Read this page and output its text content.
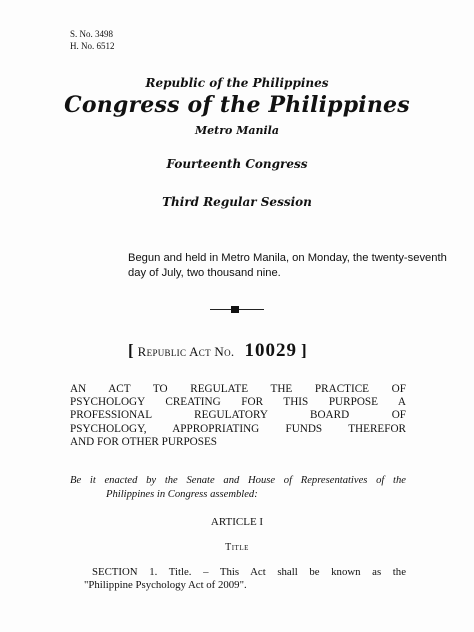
S. No. 3498
H. No. 6512
Republic of the Philippines
Congress of the Philippines
Metro Manila
Fourteenth Congress
Third Regular Session
Begun and held in Metro Manila, on Monday, the twenty-seventh
day of July, two thousand nine.
[ Republic Act No. 10029 ]
AN ACT TO REGULATE THE PRACTICE OF
PSYCHOLOGY CREATING FOR THIS PURPOSE A
PROFESSIONAL REGULATORY BOARD OF
PSYCHOLOGY, APPROPRIATING FUNDS THEREFOR
AND FOR OTHER PURPOSES
Be it enacted by the Senate and House of Representatives of the
Philippines in Congress assembled:
ARTICLE I
Title
SECTION 1. Title. – This Act shall be known as the
"Philippine Psychology Act of 2009".
